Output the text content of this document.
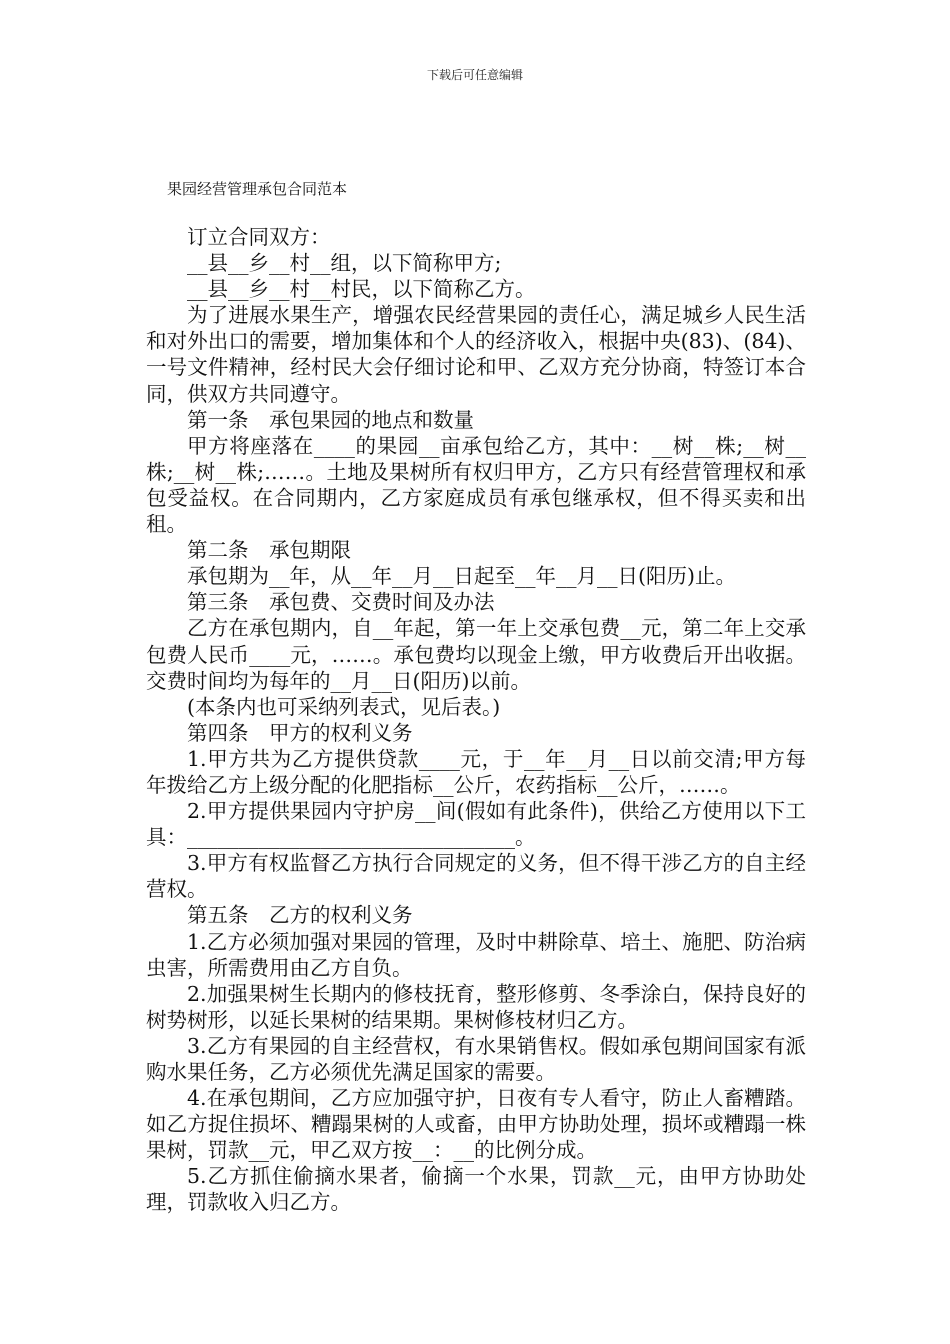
下载后可任意编辑
果园经营管理承包合同范本

订立合同双方：

__县__乡__村__组，以下简称甲方;

__县__乡__村__村民，以下简称乙方。

为了进展水果生产，增强农民经营果园的责任心，满足城乡人民生活和对外出口的需要，增加集体和个人的经济收入，根据中央(83)、(84)、一号文件精神，经村民大会仔细讨论和甲、乙双方充分协商，特签订本合同，供双方共同遵守。

第一条　承包果园的地点和数量

甲方将座落在____的果园__亩承包给乙方，其中：__树__株;__树__株;__树__株;……。土地及果树所有权归甲方，乙方只有经营管理权和承包受益权。在合同期内，乙方家庭成员有承包继承权，但不得买卖和出租。

第二条　承包期限

承包期为__年，从__年__月__日起至__年__月__日(阳历)止。

第三条　承包费、交费时间及办法

乙方在承包期内，自__年起，第一年上交承包费__元，第二年上交承包费人民币____元，……。承包费均以现金上缴，甲方收费后开出收据。交费时间均为每年的__月__日(阳历)以前。

(本条内也可采纳列表式，见后表。)

第四条　甲方的权利义务

1.甲方共为乙方提供贷款____元，于__年__月__日以前交清;甲方每年拨给乙方上级分配的化肥指标__公斤，农药指标__公斤，……。

2.甲方提供果园内守护房__间(假如有此条件)，供给乙方使用以下工具：________________________________。

3.甲方有权监督乙方执行合同规定的义务，但不得干涉乙方的自主经营权。

第五条　乙方的权利义务

1.乙方必须加强对果园的管理，及时中耕除草、培土、施肥、防治病虫害，所需费用由乙方自负。

2.加强果树生长期内的修枝抚育，整形修剪、冬季涂白，保持良好的树势树形，以延长果树的结果期。果树修枝材归乙方。

3.乙方有果园的自主经营权，有水果销售权。假如承包期间国家有派购水果任务，乙方必须优先满足国家的需要。

4.在承包期间，乙方应加强守护，日夜有专人看守，防止人畜糟踏。如乙方捉住损坏、糟蹋果树的人或畜，由甲方协助处理，损坏或糟蹋一株果树，罚款__元，甲乙双方按__：__的比例分成。

5.乙方抓住偷摘水果者，偷摘一个水果，罚款__元，由甲方协助处理，罚款收入归乙方。
